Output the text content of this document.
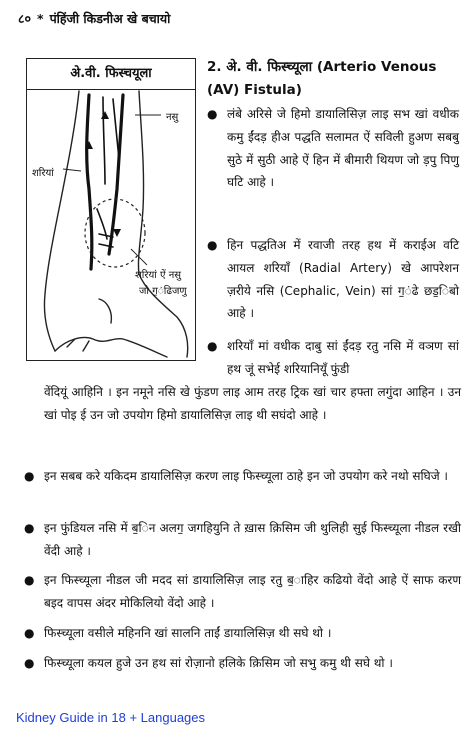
८० * पंहिंजी किडनीअ खे बचायो
अे.वी. फिस्चयूला
नसु
शरियां
शरियां ऐं नसु
जो ग॒ंढिजणु
2. अे. वी. फिस्च्यूला (Arterio Venous (AV) Fistula)
● लंबे अरिसे जे हिमो डायालिसिज़ लाइ सभ खां वधीक कमु ईंदड़ हीअ पद्धति सलामत ऐं सविली हुअण सबबु सुठे में सुठी आहे ऐं हिन में बीमारी थियण जो ड़पु पिणु घटि आहे ।
● हिन पद्धतिअ में रवाजी तरह हथ में कराईअ वटि आयल शरियाँ (Radial Artery) खे आपरेशन ज़रीये नसि (Cephalic, Vein) सां ग॒ंढे छड॒िबो आहे ।
● शरियाँ मां वधीक दाबु सां ईंदड़ रतु नसि में वञण सां हथ जूं सभेई शरियानियूँ फुंडी
वेंदियूं आहिनि । इन नमूने नसि खे फुंडण लाइ आम तरह ट्रिक खां चार हफ्ता लगुंदा आहिन । उन खां पोइ ई उन जो उपयोग हिमो डायालिसिज़ लाइ थी सघंदो आहे ।
● इन सबब करे यकिदम डायालिसिज़ करण लाइ फिस्च्यूला ठाहे इन जो उपयोग करे नथो सघिजे ।
● इन फुंडियल नसि में ब॒िन अलग॒ जगहियुनि ते ख़ास क़िसिम जी थुलिही सुई फिस्च्यूला नीडल रखी वेंदी आहे ।
● इन फिस्च्यूला नीडल जी मदद सां डायालिसिज़ लाइ रतु ब॒ाहिर कढियो वेंदो आहे ऐं साफ करण बइद वापस अंदर मोकिलियो वेंदो आहे ।
● फिस्च्यूला वसीले महिननि खां सालनि ताईं डायालिसिज़ थी सघे थो ।
● फिस्च्यूला कयल हुजे उन हथ सां रोज़ानो हलिके क़िसिम जो सभु कमु थी सघे थो ।
Kidney Guide in 18 + Languages
